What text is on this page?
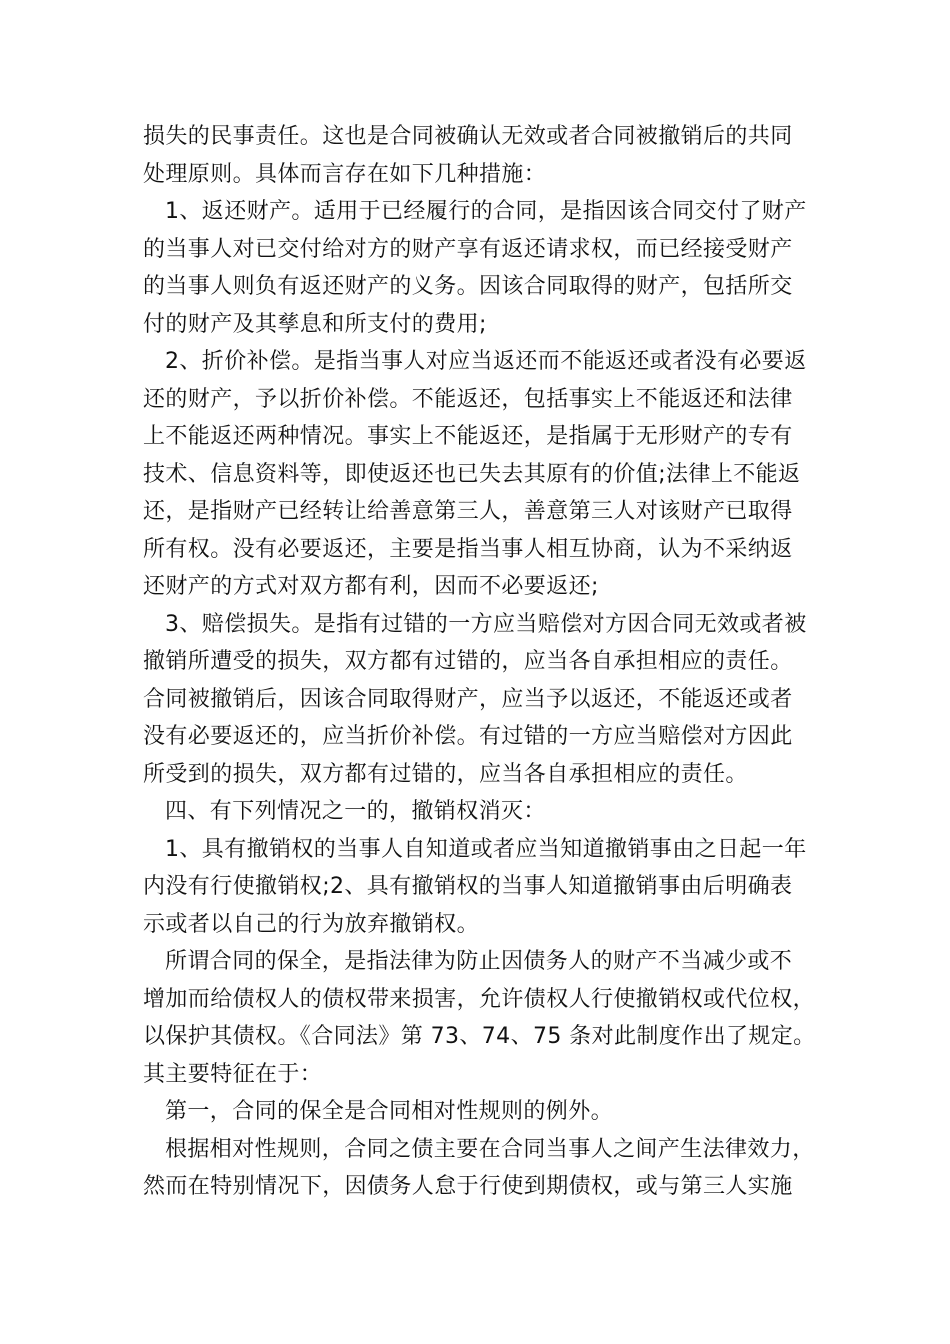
损失的民事责任。这也是合同被确认无效或者合同被撤销后的共同
处理原则。具体而言存在如下几种措施：
1、返还财产。适用于已经履行的合同，是指因该合同交付了财产
的当事人对已交付给对方的财产享有返还请求权，而已经接受财产
的当事人则负有返还财产的义务。因该合同取得的财产，包括所交
付的财产及其孳息和所支付的费用;
2、折价补偿。是指当事人对应当返还而不能返还或者没有必要返
还的财产，予以折价补偿。不能返还，包括事实上不能返还和法律
上不能返还两种情况。事实上不能返还，是指属于无形财产的专有
技术、信息资料等，即使返还也已失去其原有的价值;法律上不能返
还，是指财产已经转让给善意第三人，善意第三人对该财产已取得
所有权。没有必要返还，主要是指当事人相互协商，认为不采纳返
还财产的方式对双方都有利，因而不必要返还;
3、赔偿损失。是指有过错的一方应当赔偿对方因合同无效或者被
撤销所遭受的损失，双方都有过错的，应当各自承担相应的责任。
合同被撤销后，因该合同取得财产，应当予以返还，不能返还或者
没有必要返还的，应当折价补偿。有过错的一方应当赔偿对方因此
所受到的损失，双方都有过错的，应当各自承担相应的责任。
四、有下列情况之一的，撤销权消灭：
1、具有撤销权的当事人自知道或者应当知道撤销事由之日起一年
内没有行使撤销权;2、具有撤销权的当事人知道撤销事由后明确表
示或者以自己的行为放弃撤销权。
所谓合同的保全，是指法律为防止因债务人的财产不当减少或不
增加而给债权人的债权带来损害，允许债权人行使撤销权或代位权，
以保护其债权。《合同法》第 73、74、75 条对此制度作出了规定。
其主要特征在于：
第一，合同的保全是合同相对性规则的例外。
根据相对性规则，合同之债主要在合同当事人之间产生法律效力，
然而在特别情况下，因债务人怠于行使到期债权，或与第三人实施
